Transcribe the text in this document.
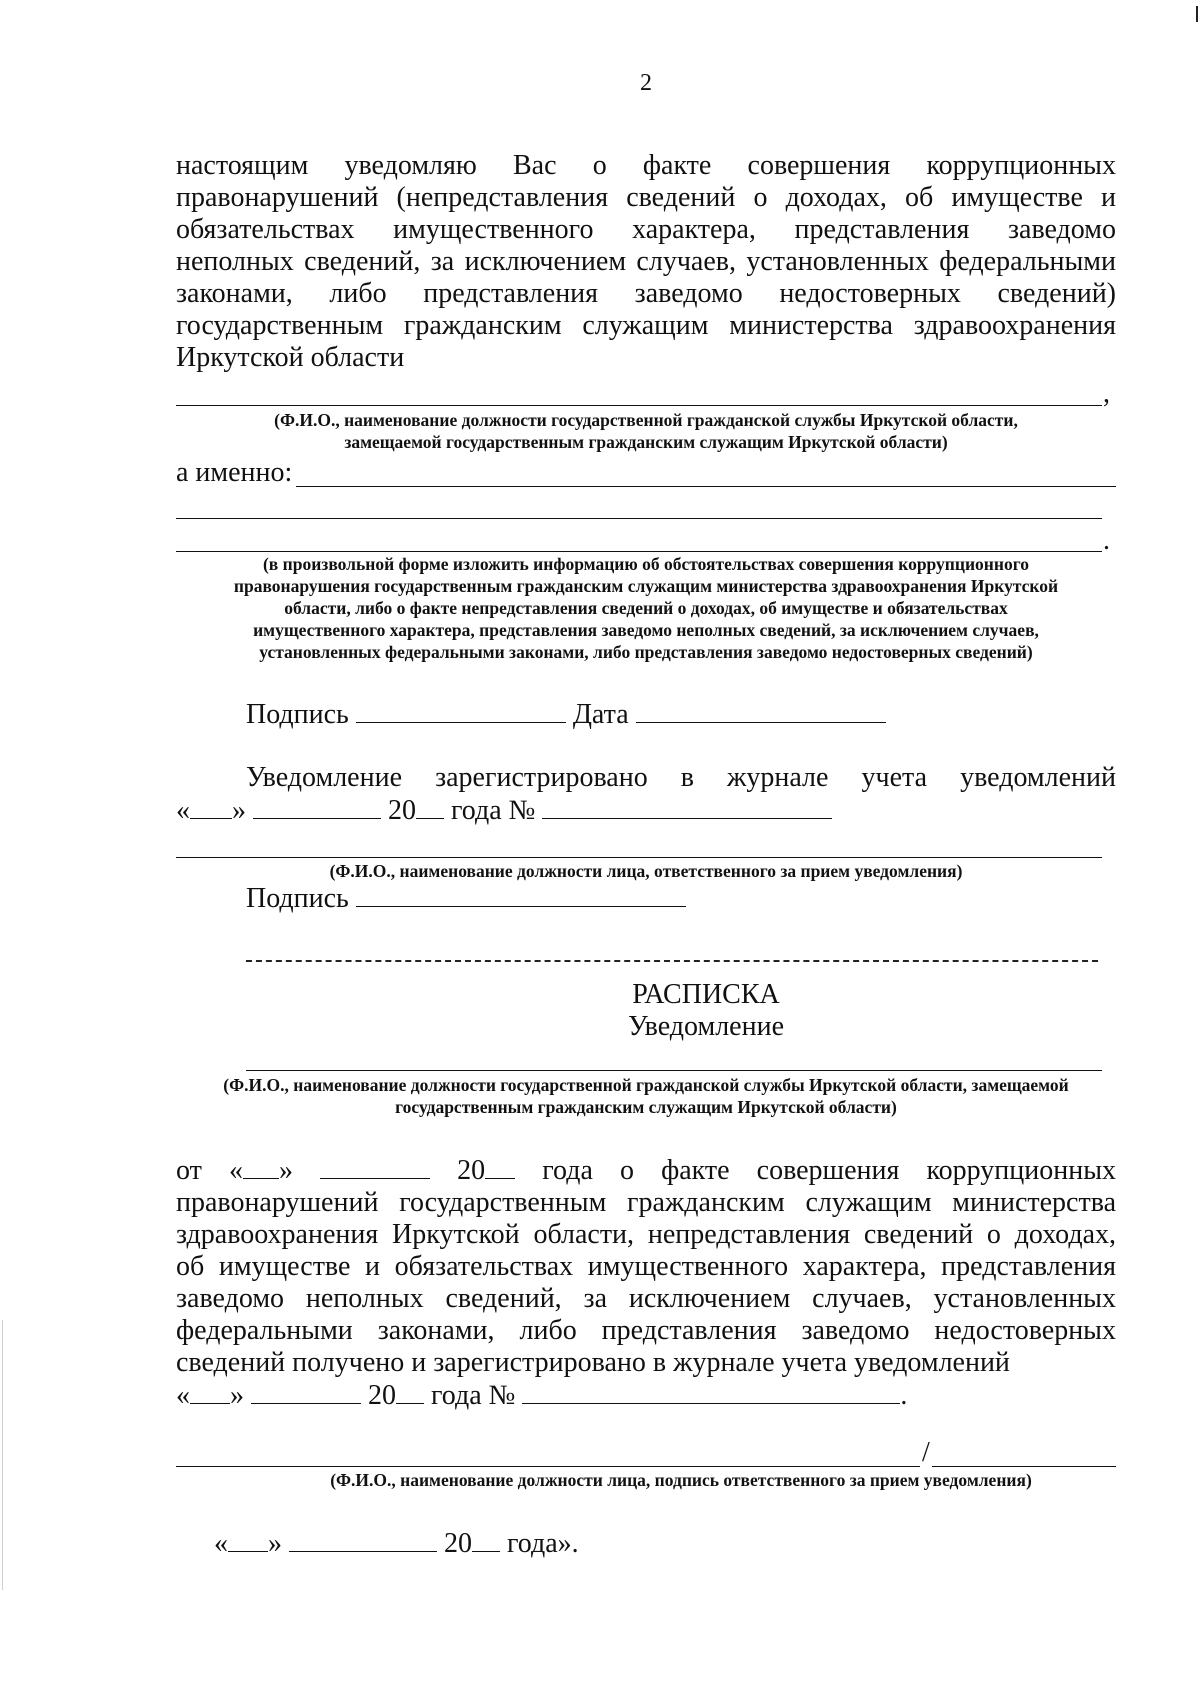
2
настоящим уведомляю Вас о факте совершения коррупционных
правонарушений (непредставления сведений о доходах, об имуществе и
обязательствах имущественного характера, представления заведомо
неполных сведений, за исключением случаев, установленных федеральными
законами, либо представления заведомо недостоверных сведений)
государственным гражданским служащим министерства здравоохранения
Иркутской области
,
(Ф.И.О., наименование должности государственной гражданской службы Иркутской области,
замещаемой государственным гражданским служащим Иркутской области)
а именно:
.
(в произвольной форме изложить информацию об обстоятельствах совершения коррупционного
правонарушения государственным гражданским служащим министерства здравоохранения Иркутской
области, либо о факте непредставления сведений о доходах, об имуществе и обязательствах
имущественного характера, представления заведомо неполных сведений, за исключением случаев,
установленных федеральными законами, либо представления заведомо недостоверных сведений)
Подпись	Дата
Уведомление зарегистрировано в журнале учета уведомлений
« »	20 года №
(Ф.И.О., наименование должности лица, ответственного за прием уведомления)
Подпись
РАСПИСКА
Уведомление
(Ф.И.О., наименование должности государственной гражданской службы Иркутской области, замещаемой
государственным гражданским служащим Иркутской области)
от « »	20 года о факте совершения коррупционных
правонарушений государственным гражданским служащим министерства
здравоохранения Иркутской области, непредставления сведений о доходах,
об имуществе и обязательствах имущественного характера, представления
заведомо неполных сведений, за исключением случаев, установленных
федеральными законами, либо представления заведомо недостоверных
сведений получено и зарегистрировано в журнале учета уведомлений
« »	20 года №	.
/
(Ф.И.О., наименование должности лица, подпись ответственного за прием уведомления)
« »	20 года».
